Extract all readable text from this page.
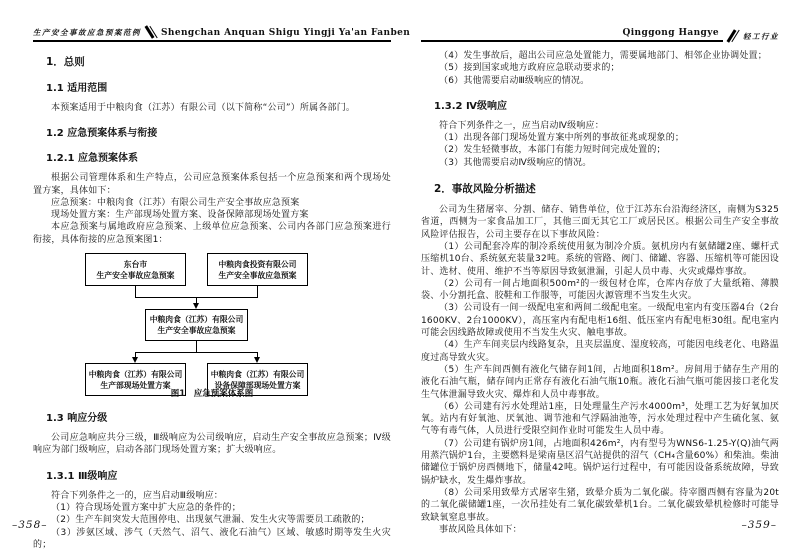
生产安全事故应急预案范例 Shengchan Anquan Shigu Yingji Ya'an Fanben
1．总则
1.1 适用范围
本预案适用于中粮肉食（江苏）有限公司（以下简称“公司”）所属各部门。
1.2 应急预案体系与衔接
1.2.1 应急预案体系
根据公司管理体系和生产特点，公司应急预案体系包括一个应急预案和两个现场处置方案，具体如下：
应急预案：中粮肉食（江苏）有限公司生产安全事故应急预案
现场处置方案：生产部现场处置方案、设备保障部现场处置方案
本应急预案与属地政府应急预案、上级单位应急预案、公司内各部门应急预案进行衔接，具体衔接的应急预案图1：
东台市
生产安全事故应急预案
中粮肉食投资有限公司
生产安全事故应急预案
中粮肉食（江苏）有限公司
生产安全事故应急预案
中粮肉食（江苏）有限公司
生产部现场处置方案
中粮肉食（江苏）有限公司
设备保障部现场处置方案
图1　应急预案体系图
1.3 响应分级
公司应急响应共分三级，Ⅲ级响应为公司级响应，启动生产安全事故应急预案；Ⅳ级响应为部门级响应，启动各部门现场处置方案；扩大级响应。
1.3.1 Ⅲ级响应
符合下列条件之一的，应当启动Ⅲ级响应：
（1）符合现场处置方案中扩大应急的条件的；
（2）生产车间突发大范围停电、出现氨气泄漏、发生火灾等需要员工疏散的；
（3）涉氨区域、涉气（天然气、沼气、液化石油气）区域、敏感时期等发生火灾的；
Qinggong Hangye	轻工行业
（4）发生事故后，超出公司应急处置能力，需要属地部门、相邻企业协调处置；
（5）接到国家或地方政府应急联动要求的；
（6）其他需要启动Ⅲ级响应的情况。
1.3.2 Ⅳ级响应
符合下列条件之一，应当启动Ⅳ级响应：
（1）出现各部门现场处置方案中所列的事故征兆或现象的；
（2）发生轻微事故，本部门有能力短时间完成处置的；
（3）其他需要启动Ⅳ级响应的情况。
2．事故风险分析描述
公司为生猪屠宰、分割、储存、销售单位，位于江苏东台沿海经济区，南侧为S325省道，西侧为一家食品加工厂，其他三面无其它工厂或居民区。根据公司生产安全事故风险评估报告，公司主要存在以下事故风险：
（1）公司配套冷库的制冷系统使用氨为制冷介质。氨机房内有氨储罐2座、螺杆式压缩机10台、系统氨充装量32吨。系统的管路、阀门、储罐、容器、压缩机等可能因设计、选材、使用、维护不当等原因导致氨泄漏，引起人员中毒、火灾或爆炸事故。
（2）公司有一间占地面积500m²的一级包材仓库，仓库内存放了大量纸箱、薄膜袋、小分割托盒、胶鞋和工作服等，可能因火源管理不当发生火灾。
（3）公司设有一间一级配电室和两间二级配电室。一级配电室内有变压器4台（2台1600KV、2台1000KV），高压室内有配电柜16组、低压室内有配电柜30组。配电室内可能会因线路故障或使用不当发生火灾、触电事故。
（4）生产车间夹层内线路复杂，且夹层温度、湿度较高，可能因电线老化、电路温度过高导致火灾。
（5）生产车间西侧有液化气储存间1间，占地面积18m²。房间用于储存生产用的液化石油气瓶，储存间内正常存有液化石油气瓶10瓶。液化石油气瓶可能因接口老化发生气体泄漏导致火灾、爆炸和人员中毒事故。
（6）公司建有污水处理站1座，日处理量生产污水4000m³，处理工艺为好氧加厌氧。站内有好氧池、厌氧池、调节池和气浮隔油池等，污水处理过程中产生硫化氢、氨气等有毒气体，人员进行受限空间作业时可能发生人员中毒。
（7）公司建有锅炉房1间，占地面积426m²，内有型号为WNS6-1.25-Y(Q)油气两用蒸汽锅炉1台，主要燃料是梁南垦区沼气站提供的沼气（CH₄含量60%）和柴油。柴油储罐位于锅炉房西侧地下，储量42吨。锅炉运行过程中，有可能因设备系统故障，导致锅炉缺水，发生爆炸事故。
（8）公司采用致晕方式屠宰生猪，致晕介质为二氧化碳。待宰圈西侧有容量为20t的二氧化碳储罐1座，一次吊挂处有二氧化碳致晕机1台。二氧化碳致晕机检修时可能导致缺氧窒息事故。
事故风险具体如下：
–358–	–359–
